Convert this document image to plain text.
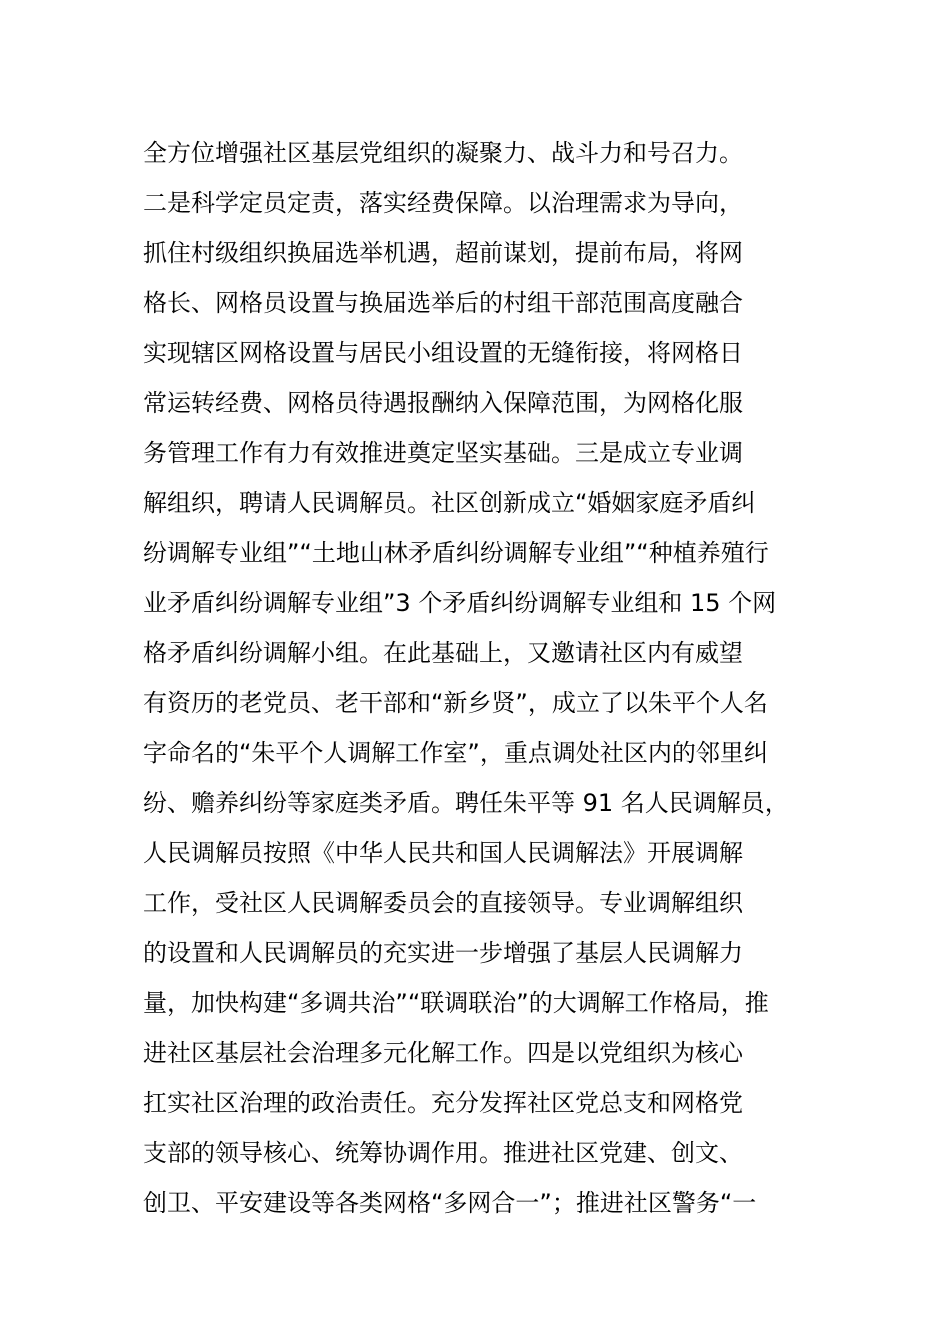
全方位增强社区基层党组织的凝聚力、战斗力和号召力。
二是科学定员定责，落实经费保障。以治理需求为导向，
抓住村级组织换届选举机遇，超前谋划，提前布局，将网
格长、网格员设置与换届选举后的村组干部范围高度融合
实现辖区网格设置与居民小组设置的无缝衔接，将网格日
常运转经费、网格员待遇报酬纳入保障范围，为网格化服
务管理工作有力有效推进奠定坚实基础。三是成立专业调
解组织，聘请人民调解员。社区创新成立“婚姻家庭矛盾纠
纷调解专业组”“土地山林矛盾纠纷调解专业组”“种植养殖行
业矛盾纠纷调解专业组”3 个矛盾纠纷调解专业组和 15 个网
格矛盾纠纷调解小组。在此基础上，又邀请社区内有威望
有资历的老党员、老干部和“新乡贤”，成立了以朱平个人名
字命名的“朱平个人调解工作室”，重点调处社区内的邻里纠
纷、赡养纠纷等家庭类矛盾。聘任朱平等 91 名人民调解员，
人民调解员按照《中华人民共和国人民调解法》开展调解
工作，受社区人民调解委员会的直接领导。专业调解组织
的设置和人民调解员的充实进一步增强了基层人民调解力
量，加快构建“多调共治”“联调联治”的大调解工作格局，推
进社区基层社会治理多元化解工作。四是以党组织为核心
扛实社区治理的政治责任。充分发挥社区党总支和网格党
支部的领导核心、统筹协调作用。推进社区党建、创文、
创卫、平安建设等各类网格“多网合一”；推进社区警务“一
